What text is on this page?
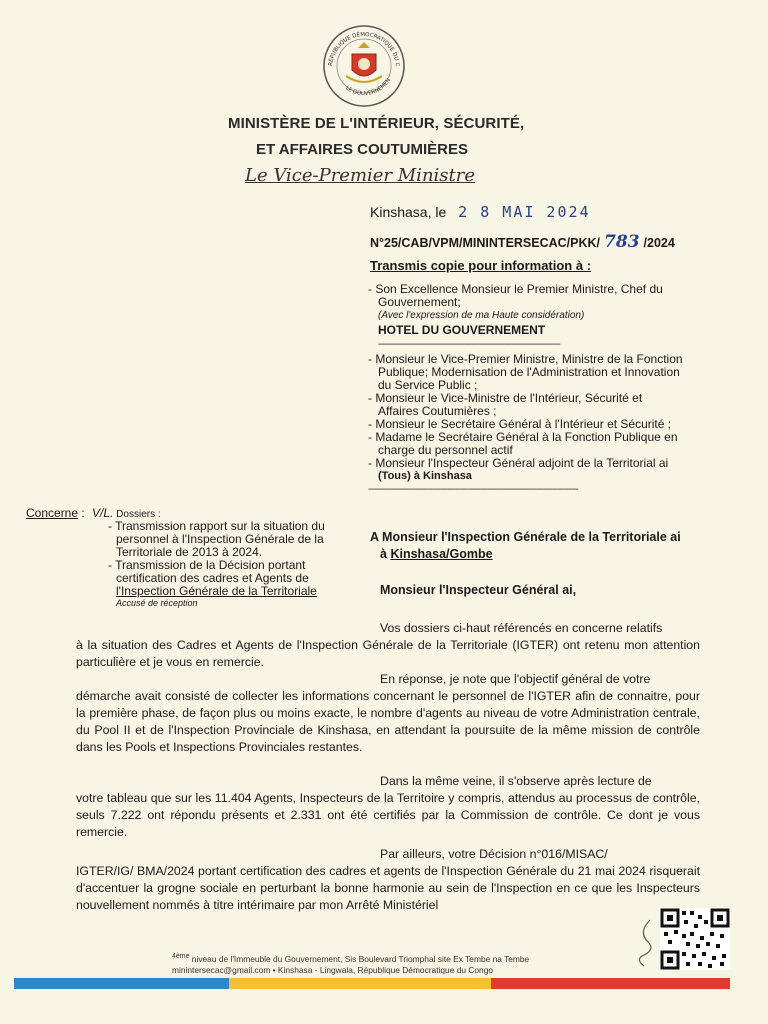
RÉPUBLIQUE DÉMOCRATIQUE DU C
LE GOUVERNEMEN
MINISTÈRE DE L'INTÉRIEUR, SÉCURITÉ,
ET AFFAIRES COUTUMIÈRES
Le Vice-Premier Ministre
Kinshasa, le 2 8 MAI 2024
N°25/CAB/VPM/MININTERSECAC/PKK/ 783 /2024
Transmis copie pour information à :
- Son Excellence Monsieur le Premier Ministre, Chef du
Gouvernement;
(Avec l'expression de ma Haute considération)
HOTEL DU GOUVERNEMENT
------------------------------------------------------------------------------
- Monsieur le Vice-Premier Ministre, Ministre de la Fonction
Publique; Modernisation de l'Administration et Innovation
du Service Public ;
- Monsieur le Vice-Ministre de l'Intérieur, Sécurité et
Affaires Coutumières ;
- Monsieur le Secrétaire Général à l'Intérieur et Sécurité ;
- Madame le Secrétaire Général à la Fonction Publique en
charge du personnel actif
- Monsieur l'Inspecteur Général adjoint de la Territorial ai
(Tous) à Kinshasa
------------------------------------------------------------------------------------------
Concerne : V/L. Dossiers :
- Transmission rapport sur la situation du
personnel à l'Inspection Générale de la
Territoriale de 2013 à 2024.
- Transmission de la Décision portant
certification des cadres et Agents de
l'Inspection Générale de la Territoriale
Accusé de réception
A Monsieur l'Inspection Générale de la Territoriale ai
à Kinshasa/Gombe
Monsieur l'Inspecteur Général ai,
Vos dossiers ci-haut référencés en concerne relatifs
à la situation des Cadres et Agents de l'Inspection Générale de la Territoriale (IGTER) ont retenu mon attention particulière et je vous en remercie.
En réponse, je note que l'objectif général de votre
démarche avait consisté de collecter les informations concernant le personnel de l'IGTER afin de connaitre, pour la première phase, de façon plus ou moins exacte, le nombre d'agents au niveau de votre Administration centrale, du Pool II et de l'Inspection Provinciale de Kinshasa, en attendant la poursuite de la même mission de contrôle dans les Pools et Inspections Provinciales restantes.
Dans la même veine, il s'observe après lecture de
votre tableau que sur les 11.404 Agents, Inspecteurs de la Territoire y compris, attendus au processus de contrôle, seuls 7.222 ont répondu présents et 2.331 ont été certifiés par la Commission de contrôle. Ce dont je vous remercie.
Par ailleurs, votre Décision n°016/MISAC/
IGTER/IG/ BMA/2024 portant certification des cadres et agents de l'Inspection Générale du 21 mai 2024 risquerait d'accentuer la grogne sociale en perturbant la bonne harmonie au sein de l'Inspection en ce que les Inspecteurs nouvellement nommés à titre intérimaire par mon Arrêté Ministériel
$^{4ème}$ niveau de l'Immeuble du Gouvernement, Sis Boulevard Triomphal site Ex Tembe na Tembe
minintersecac@gmail.com • Kinshasa - Lingwala, République Démocratique du Congo
